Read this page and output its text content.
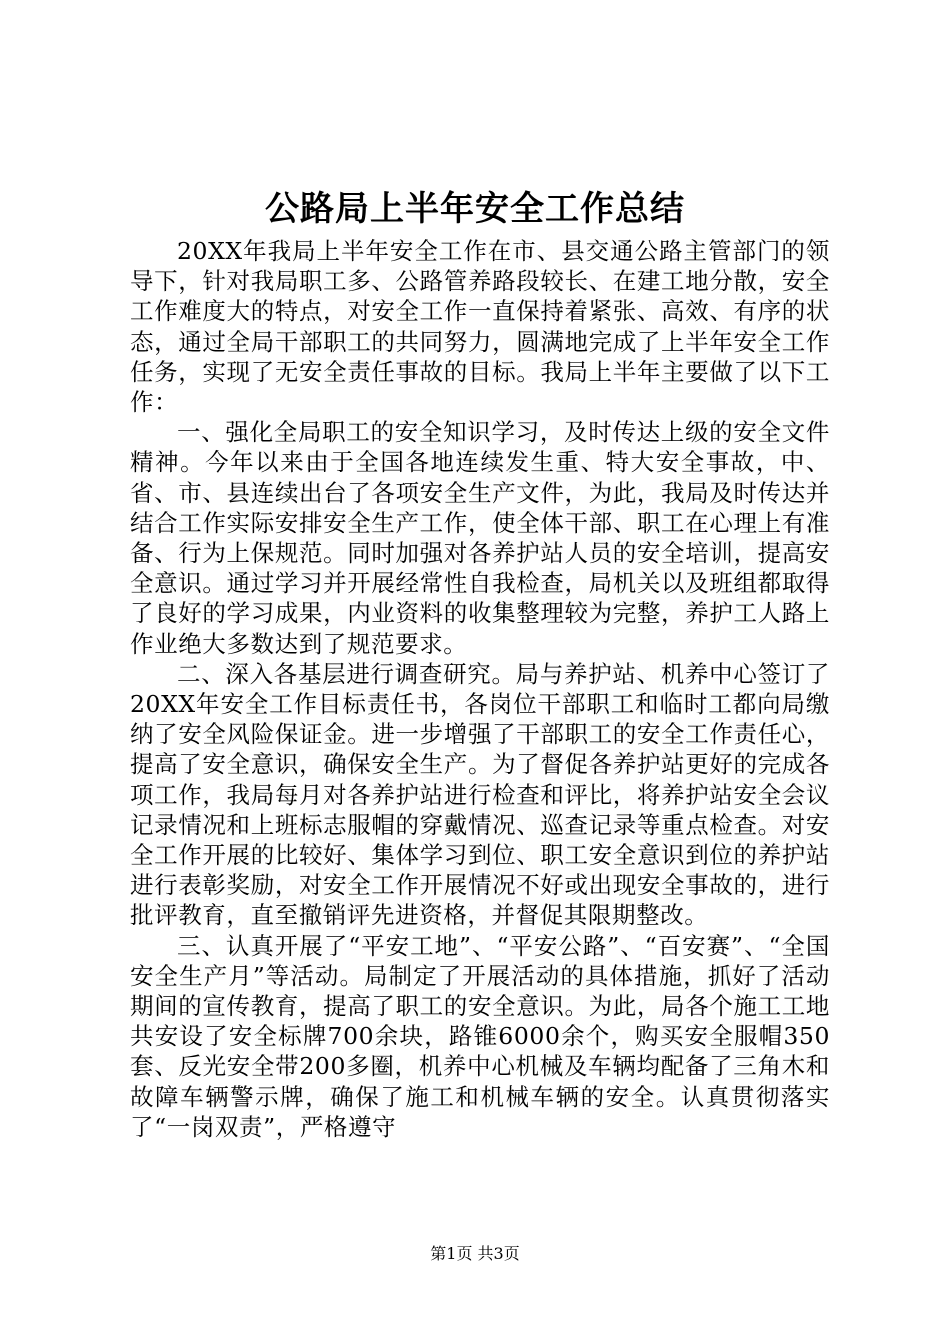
公路局上半年安全工作总结

20XX年我局上半年安全工作在市、县交通公路主管部门的领导下，针对我局职工多、公路管养路段较长、在建工地分散，安全工作难度大的特点，对安全工作一直保持着紧张、高效、有序的状态，通过全局干部职工的共同努力，圆满地完成了上半年安全工作任务，实现了无安全责任事故的目标。我局上半年主要做了以下工作：

一、强化全局职工的安全知识学习，及时传达上级的安全文件精神。今年以来由于全国各地连续发生重、特大安全事故，中、省、市、县连续出台了各项安全生产文件，为此，我局及时传达并结合工作实际安排安全生产工作，使全体干部、职工在心理上有准备、行为上保规范。同时加强对各养护站人员的安全培训，提高安全意识。通过学习并开展经常性自我检查，局机关以及班组都取得了良好的学习成果，内业资料的收集整理较为完整，养护工人路上作业绝大多数达到了规范要求。

二、深入各基层进行调查研究。局与养护站、机养中心签订了20XX年安全工作目标责任书，各岗位干部职工和临时工都向局缴纳了安全风险保证金。进一步增强了干部职工的安全工作责任心，提高了安全意识，确保安全生产。为了督促各养护站更好的完成各项工作，我局每月对各养护站进行检查和评比，将养护站安全会议记录情况和上班标志服帽的穿戴情况、巡查记录等重点检查。对安全工作开展的比较好、集体学习到位、职工安全意识到位的养护站进行表彰奖励，对安全工作开展情况不好或出现安全事故的，进行批评教育，直至撤销评先进资格，并督促其限期整改。

三、认真开展了“平安工地”、“平安公路”、“百安赛”、“全国安全生产月”等活动。局制定了开展活动的具体措施，抓好了活动期间的宣传教育，提高了职工的安全意识。为此，局各个施工工地共安设了安全标牌700余块，路锥6000余个，购买安全服帽350套、反光安全带200多圈，机养中心机械及车辆均配备了三角木和故障车辆警示牌，确保了施工和机械车辆的安全。认真贯彻落实了“一岗双责”，严格遵守

第1页 共3页
